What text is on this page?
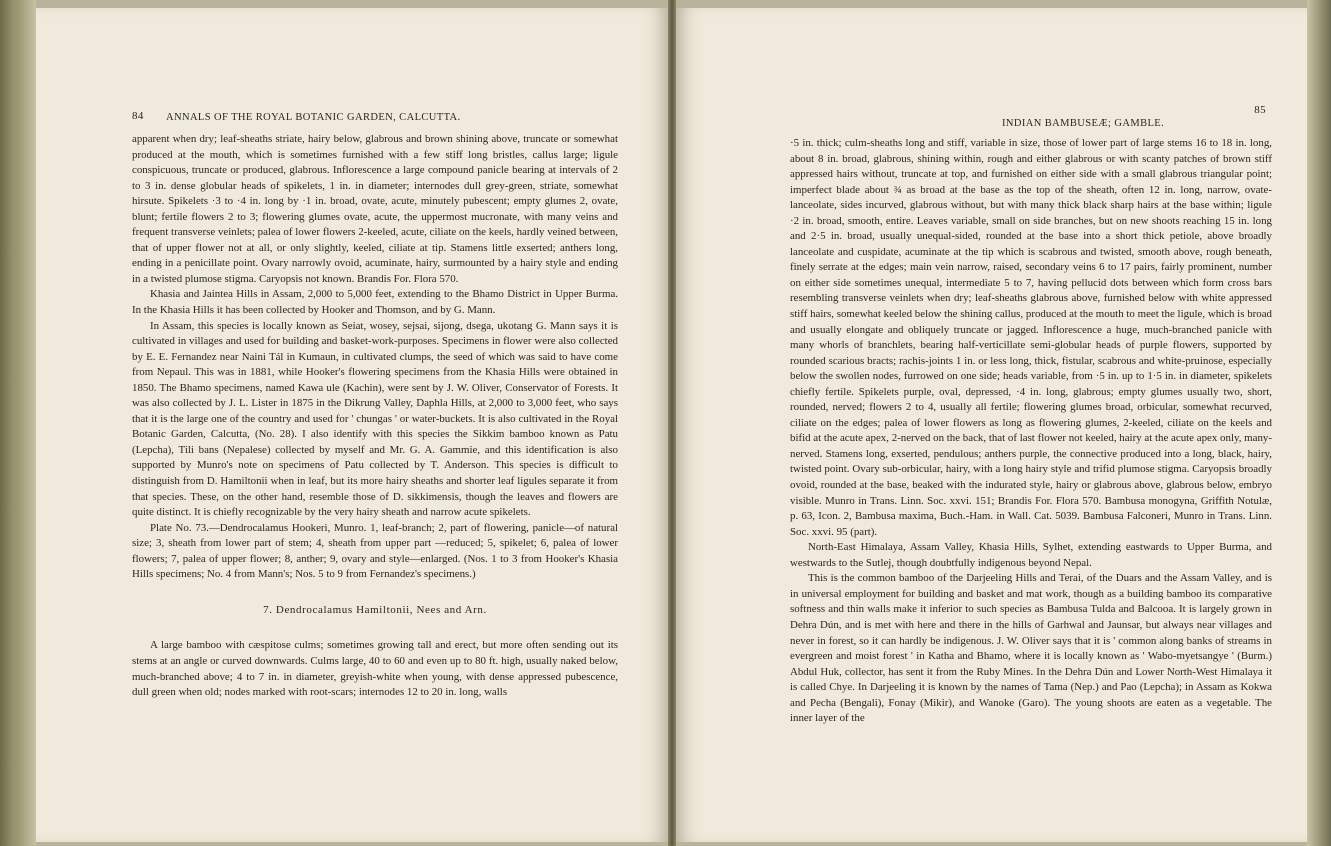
84 ANNALS OF THE ROYAL BOTANIC GARDEN, CALCUTTA.

apparent when dry; leaf-sheaths striate, hairy below, glabrous and brown shining above, truncate or somewhat produced at the mouth, which is sometimes furnished with a few stiff long bristles, callus large; ligule conspicuous, truncate or produced, glabrous. Inflorescence a large compound panicle bearing at intervals of 2 to 3 in. dense globular heads of spikelets, 1 in. in diameter; internodes dull grey-green, striate, somewhat hirsute. Spikelets ·3 to ·4 in. long by ·1 in. broad, ovate, acute, minutely pubescent; empty glumes 2, ovate, blunt; fertile flowers 2 to 3; flowering glumes ovate, acute, the uppermost mucronate, with many veins and frequent transverse veinlets; palea of lower flowers 2-keeled, acute, ciliate on the keels, hardly veined between, that of upper flower not at all, or only slightly, keeled, ciliate at tip. Stamens little exserted; anthers long, ending in a penicillate point. Ovary narrowly ovoid, acuminate, hairy, surmounted by a hairy style and ending in a twisted plumose stigma. Caryopsis not known. Brandis For. Flora 570.

Khasia and Jaintea Hills in Assam, 2,000 to 5,000 feet, extending to the Bhamo District in Upper Burma. In the Khasia Hills it has been collected by Hooker and Thomson, and by G. Mann.

In Assam, this species is locally known as Seiat, wosey, sejsai, sijong, dsega, ukotang G. Mann says it is cultivated in villages and used for building and basket-work-purposes. Specimens in flower were also collected by E. E. Fernandez near Naini Tál in Kumaun, in cultivated clumps, the seed of which was said to have come from Nepaul. This was in 1881, while Hooker's flowering specimens from the Khasia Hills were obtained in 1850. The Bhamo specimens, named Kawa ule (Kachin), were sent by J. W. Oliver, Conservator of Forests. It was also collected by J. L. Lister in 1875 in the Dikrung Valley, Daphla Hills, at 2,000 to 3,000 feet, who says that it is the large one of the country and used for ' chungas ' or water-buckets. It is also cultivated in the Royal Botanic Garden, Calcutta, (No. 28). I also identify with this species the Sikkim bamboo known as Patu (Lepcha), Tili bans (Nepalese) collected by myself and Mr. G. A. Gammie, and this identification is also supported by Munro's note on specimens of Patu collected by T. Anderson. This species is difficult to distinguish from D. Hamiltonii when in leaf, but its more hairy sheaths and shorter leaf ligules separate it from that species. These, on the other hand, resemble those of D. sikkimensis, though the leaves and flowers are quite distinct. It is chiefly recognizable by the very hairy sheath and narrow acute spikelets.

Plate No. 73.—Dendrocalamus Hookeri, Munro. 1, leaf-branch; 2, part of flowering, panicle—of natural size; 3, sheath from lower part of stem; 4, sheath from upper part —reduced; 5, spikelet; 6, palea of lower flowers; 7, palea of upper flower; 8, anther; 9, ovary and style—enlarged. (Nos. 1 to 3 from Hooker's Khasia Hills specimens; No. 4 from Mann's; Nos. 5 to 9 from Fernandez's specimens.)

7. Dendrocalamus Hamiltonii, Nees and Arn.

A large bamboo with cæspitose culms; sometimes growing tall and erect, but more often sending out its stems at an angle or curved downwards. Culms large, 40 to 60 and even up to 80 ft. high, usually naked below, much-branched above; 4 to 7 in. in diameter, greyish-white when young, with dense appressed pubescence, dull green when old; nodes marked with root-scars; internodes 12 to 20 in. long, walls

INDIAN BAMBUSEÆ; GAMBLE.
85

·5 in. thick; culm-sheaths long and stiff, variable in size, those of lower part of large stems 16 to 18 in. long, about 8 in. broad, glabrous, shining within, rough and either glabrous or with scanty patches of brown stiff appressed hairs without, truncate at top, and furnished on either side with a small glabrous triangular point; imperfect blade about ¾ as broad at the base as the top of the sheath, often 12 in. long, narrow, ovate-lanceolate, sides incurved, glabrous without, but with many thick black sharp hairs at the base within; ligule ·2 in. broad, smooth, entire. Leaves variable, small on side branches, but on new shoots reaching 15 in. long and 2·5 in. broad, usually unequal-sided, rounded at the base into a short thick petiole, above broadly lanceolate and cuspidate, acuminate at the tip which is scabrous and twisted, smooth above, rough beneath, finely serrate at the edges; main vein narrow, raised, secondary veins 6 to 17 pairs, fairly prominent, number on either side sometimes unequal, intermediate 5 to 7, having pellucid dots between which form cross bars resembling transverse veinlets when dry; leaf-sheaths glabrous above, furnished below with white appressed stiff hairs, somewhat keeled below the shining callus, produced at the mouth to meet the ligule, which is broad and usually elongate and obliquely truncate or jagged. Inflorescence a huge, much-branched panicle with many whorls of branchlets, bearing half-verticillate semi-globular heads of purple flowers, supported by rounded scarious bracts; rachis-joints 1 in. or less long, thick, fistular, scabrous and white-pruinose, especially below the swollen nodes, furrowed on one side; heads variable, from ·5 in. up to 1·5 in. in diameter, spikelets chiefly fertile. Spikelets purple, oval, depressed, ·4 in. long, glabrous; empty glumes usually two, short, rounded, nerved; flowers 2 to 4, usually all fertile; flowering glumes broad, orbicular, somewhat recurved, ciliate on the edges; palea of lower flowers as long as flowering glumes, 2-keeled, ciliate on the keels and bifid at the acute apex, 2-nerved on the back, that of last flower not keeled, hairy at the acute apex only, many-nerved. Stamens long, exserted, pendulous; anthers purple, the connective produced into a long, black, hairy, twisted point. Ovary sub-orbicular, hairy, with a long hairy style and trifid plumose stigma. Caryopsis broadly ovoid, rounded at the base, beaked with the indurated style, hairy or glabrous above, glabrous below, embryo visible. Munro in Trans. Linn. Soc. xxvi. 151; Brandis For. Flora 570. Bambusa monogyna, Griffith Notulæ, p. 63, Icon. 2, Bambusa maxima, Buch.-Ham. in Wall. Cat. 5039. Bambusa Falconeri, Munro in Trans. Linn. Soc. xxvi. 95 (part).

North-East Himalaya, Assam Valley, Khasia Hills, Sylhet, extending eastwards to Upper Burma, and westwards to the Sutlej, though doubtfully indigenous beyond Nepal.

This is the common bamboo of the Darjeeling Hills and Terai, of the Duars and the Assam Valley, and is in universal employment for building and basket and mat work, though as a building bamboo its comparative softness and thin walls make it inferior to such species as Bambusa Tulda and Balcooa. It is largely grown in Dehra Dún, and is met with here and there in the hills of Garhwal and Jaunsar, but always near villages and never in forest, so it can hardly be indigenous. J. W. Oliver says that it is ' common along banks of streams in evergreen and moist forest ' in Katha and Bhamo, where it is locally known as ' Wabo-myetsangye ' (Burm.) Abdul Huk, collector, has sent it from the Ruby Mines. In the Dehra Dún and Lower North-West Himalaya it is called Chye. In Darjeeling it is known by the names of Tama (Nep.) and Pao (Lepcha); in Assam as Kokwa and Pecha (Bengali), Fonay (Mikir), and Wanoke (Garo). The young shoots are eaten as a vegetable. The inner layer of the
